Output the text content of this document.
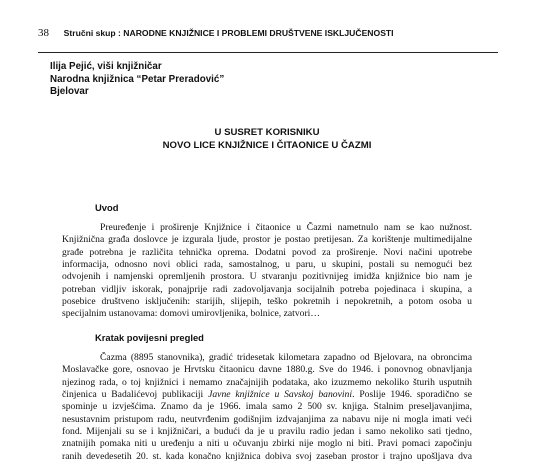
38 Stručni skup : NARODNE KNJIŽNICE I PROBLEMI DRUŠTVENE ISKLJUČENOSTI
Ilija Pejić, viši knjižničar
Narodna knjižnica “Petar Preradović”
Bjelovar
U SUSRET KORISNIKU
NOVO LICE KNJIŽNICE I ČITAONICE U ČAZMI
Uvod
Preuređenje i proširenje Knjižnice i čitaonice u Čazmi nametnulo nam se kao nužnost.
Knjižnična građa doslovce je izgurala ljude, prostor je postao pretijesan. Za korištenje multimedijalne
građe potrebna je različita tehnička oprema. Dodatni povod za proširenje. Novi načini upotrebe
informacija, odnosno novi oblici rada, samostalnog, u paru, u skupini, postali su nemogući bez
odvojenih i namjenski opremljenih prostora. U stvaranju pozitivnijeg imidža knjižnice bio nam je
potreban vidljiv iskorak, ponajprije radi zadovoljavanja socijalnih potreba pojedinaca i skupina, a
posebice društveno isključenih: starijih, slijepih, teško pokretnih i nepokretnih, a potom osoba u
specijalnim ustanovama: domovi umirovljenika, bolnice, zatvori…
Kratak povijesni pregled
Čazma (8895 stanovnika), gradić tridesetak kilometara zapadno od Bjelovara, na obroncima
Moslavačke gore, osnovao je Hrvtsku čitaonicu davne 1880.g. Sve do 1946. i ponovnog obnavljanja
njezinog rada, o toj knjižnici i nemamo značajnijih podataka, ako izuzmemo nekoliko šturih usputnih
činjenica u Badalićevoj publikaciji Javne knjižnice u Savskoj banovini. Poslije 1946. sporadično se
spominje u izvješćima. Znamo da je 1966. imala samo 2 500 sv. knjiga. Stalnim preseljavanjima,
nesustavnim pristupom radu, neutvrđenim godišnjim izdvajanjima za nabavu nije ni mogla imati veći
fond. Mijenjali su se i knjižničari, a budući da je u pravilu radio jedan i samo nekoliko sati tjedno,
znatnijih pomaka niti u uređenju a niti u očuvanju zbirki nije moglo ni biti. Pravi pomaci započinju
ranih devedesetih 20. st. kada konačno knjižnica dobiva svoj zaseban prostor i trajno upošljava dva
